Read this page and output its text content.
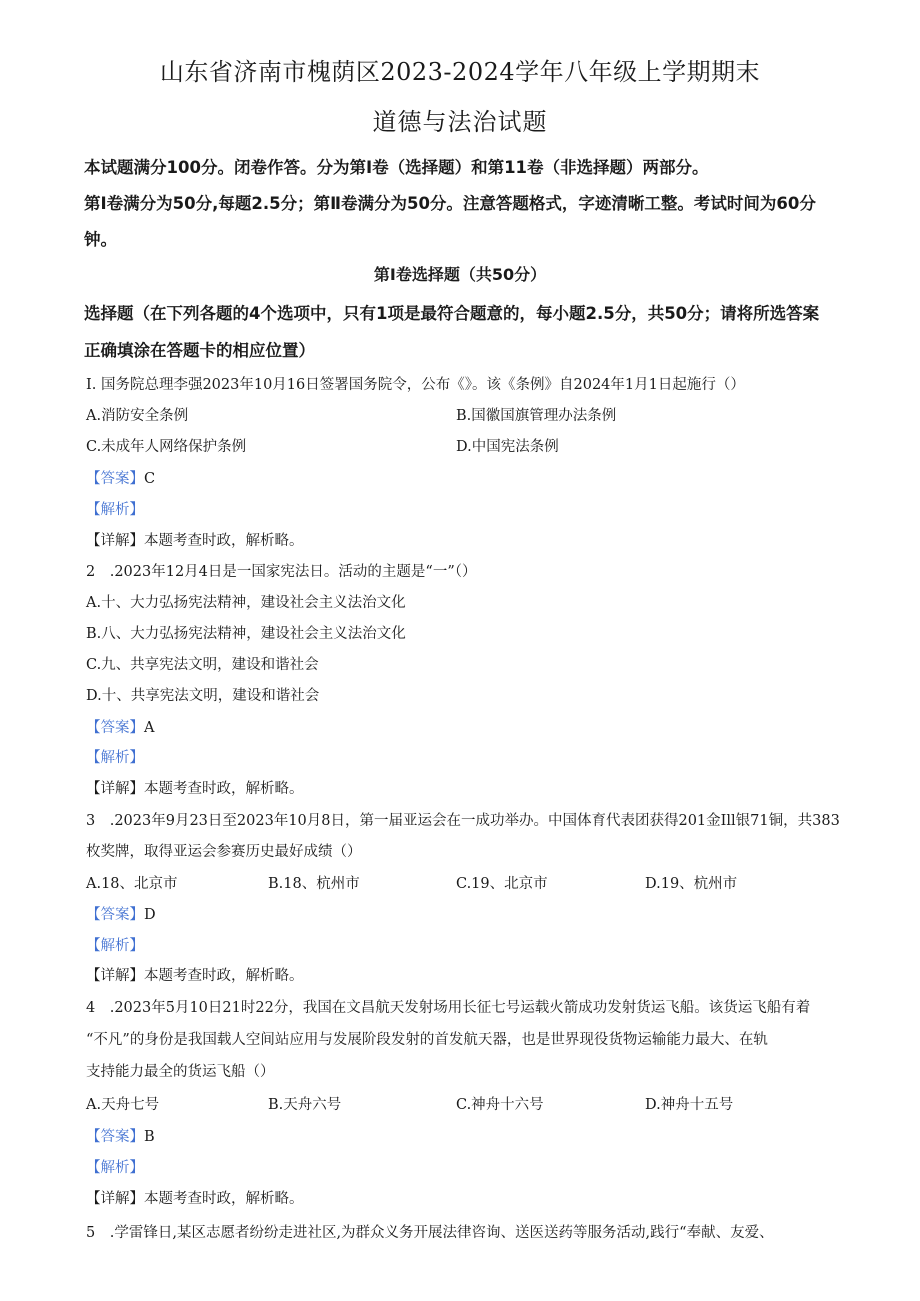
山东省济南市槐荫区2023-2024学年八年级上学期期末
道德与法治试题
本试题满分100分。闭卷作答。分为第Ⅰ卷（选择题）和第11卷（非选择题）两部分。
第Ⅰ卷满分为50分,每题2.5分；第Ⅱ卷满分为50分。注意答题格式，字迹清晰工整。考试时间为60分
钟。
第Ⅰ卷选择题（共50分）
选择题（在下列各题的4个选项中，只有1项是最符合题意的，每小题2.5分，共50分；请将所选答案
正确填涂在答题卡的相应位置）
I. 国务院总理李强2023年10月16日签署国务院令，公布《》。该《条例》自2024年1月1日起施行（）
A.消防安全条例	B.国徽国旗管理办法条例
C.未成年人网络保护条例	D.中国宪法条例
【答案】C
【解析】
【详解】本题考查时政，解析略。
2　.2023年12月4日是一国家宪法日。活动的主题是“一”（）
A.十、大力弘扬宪法精神，建设社会主义法治文化
B.八、大力弘扬宪法精神，建设社会主义法治文化
C.九、共享宪法文明，建设和谐社会
D.十、共享宪法文明，建设和谐社会
【答案】A
【解析】
【详解】本题考查时政，解析略。
3　.2023年9月23日至2023年10月8日，第一届亚运会在一成功举办。中国体育代表团获得201金Ill银71铜，共383
枚奖牌，取得亚运会参赛历史最好成绩（）
A.18、北京市	B.18、杭州市	C.19、北京市	D.19、杭州市
【答案】D
【解析】
【详解】本题考查时政，解析略。
4　.2023年5月10日21时22分，我国在文昌航天发射场用长征七号运载火箭成功发射货运飞船。该货运飞船有着
“不凡”的身份是我国载人空间站应用与发展阶段发射的首发航天器，也是世界现役货物运输能力最大、在轨
支持能力最全的货运飞船（）
A.天舟七号	B.天舟六号	C.神舟十六号	D.神舟十五号
【答案】B
【解析】
【详解】本题考查时政，解析略。
5　.学雷锋日,某区志愿者纷纷走进社区,为群众义务开展法律咨询、送医送药等服务活动,践行“奉献、友爱、
